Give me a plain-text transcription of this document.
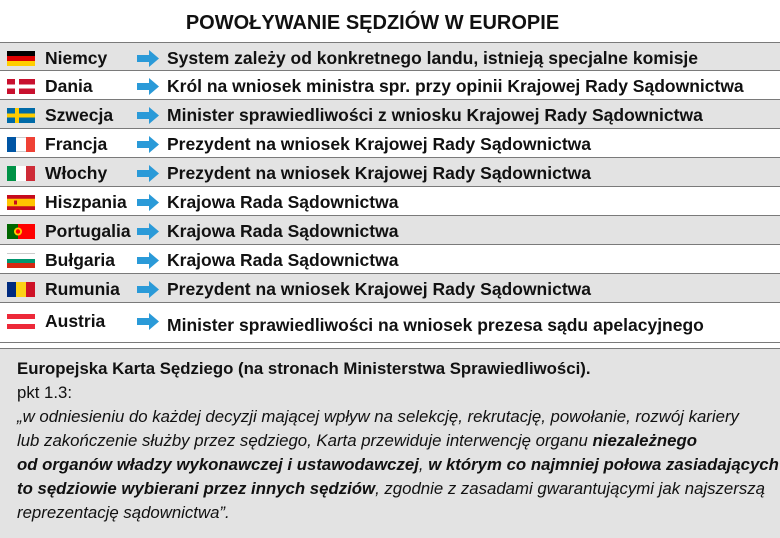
POWOŁYWANIE SĘDZIÓW W EUROPIE
Niemcy	System zależy od konkretnego landu, istnieją specjalne komisje
Dania	Król na wniosek ministra spr. przy opinii Krajowej Rady Sądownictwa
Szwecja	Minister sprawiedliwości z wniosku Krajowej Rady Sądownictwa
Francja	Prezydent na wniosek Krajowej Rady Sądownictwa
Włochy	Prezydent na wniosek Krajowej Rady Sądownictwa
Hiszpania Krajowa Rada Sądownictwa
Portugalia Krajowa Rada Sądownictwa
Bułgaria	Krajowa Rada Sądownictwa
Rumunia	Prezydent na wniosek Krajowej Rady Sądownictwa
Austria	Minister sprawiedliwości na wniosek prezesa sądu apelacyjnego
Europejska Karta Sędziego (na stronach Ministerstwa Sprawiedliwości).
pkt 1.3:
„w odniesieniu do każdej decyzji mającej wpływ na selekcję, rekrutację, powołanie, rozwój kariery
lub zakończenie służby przez sędziego, Karta przewiduje interwencję organu niezależnego
od organów władzy wykonawczej i ustawodawczej, w którym co najmniej połowa zasiadających
to sędziowie wybierani przez innych sędziów, zgodnie z zasadami gwarantującymi jak najszerszą
reprezentację sądownictwa”.
